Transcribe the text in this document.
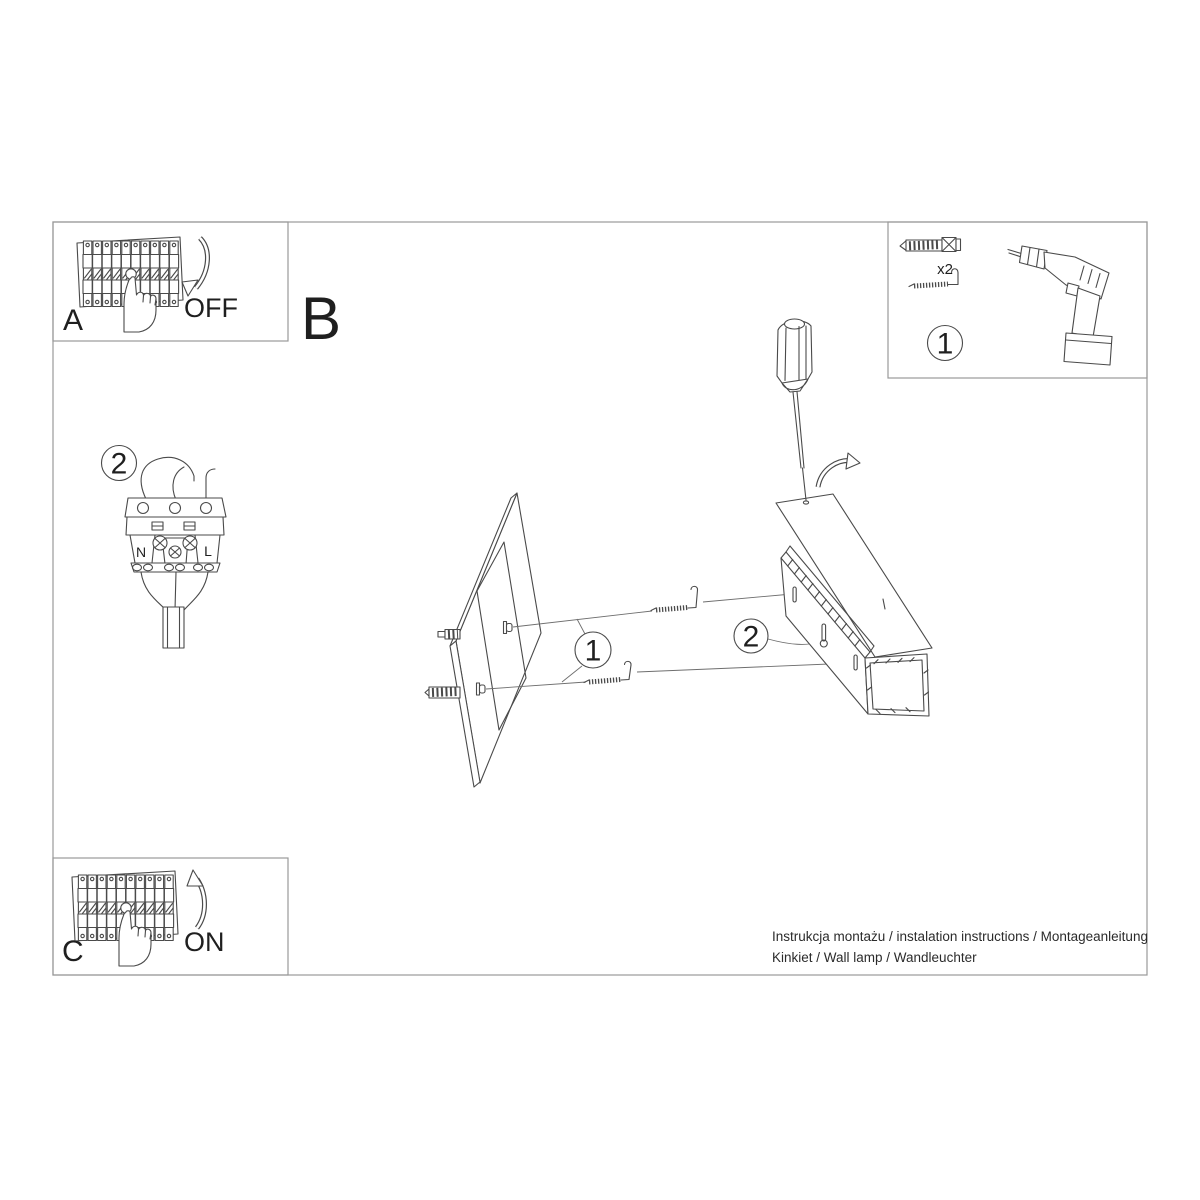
A	OFF B
x2
1
2
N	L
1	2
C	ON	Instrukcja montażu / instalation instructions / Montageanleitung
Kinkiet / Wall lamp / Wandleuchter
